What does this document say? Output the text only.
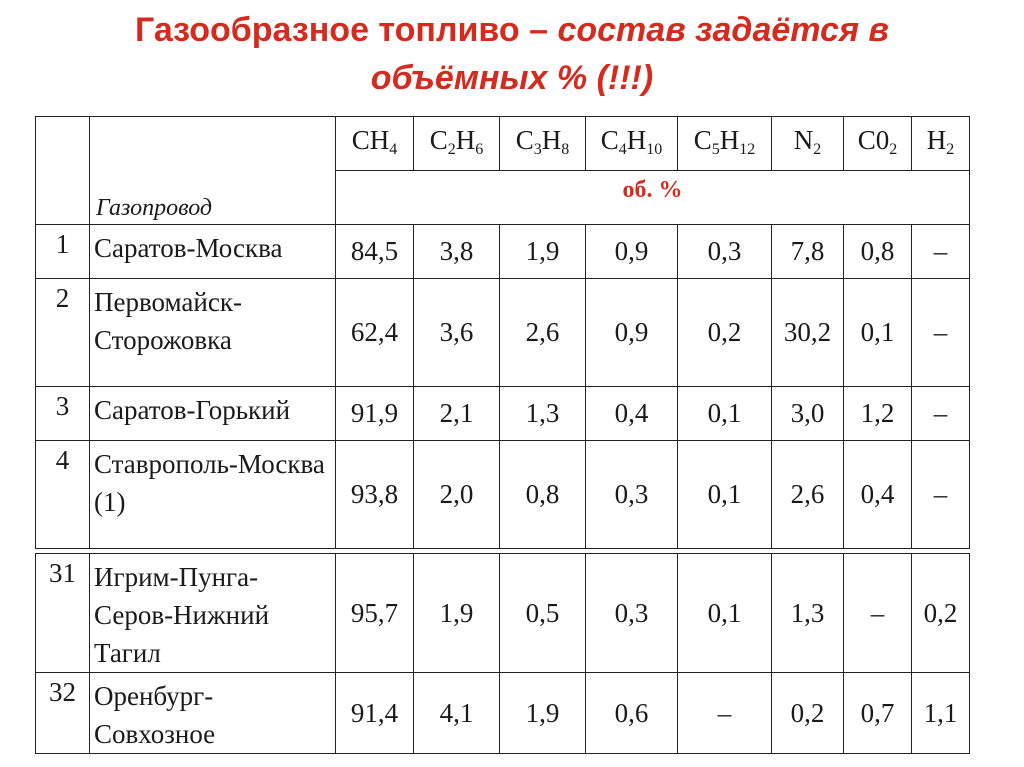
Газообразное топливо – состав задаётся в
объёмных % (!!!)
	Газопровод	$CH_4$	$C_2H_6$	$C_3H_8$	$C_4H_{10}$	$C_5H_{12}$	$N_2$	$C0_2$	$H_2$
		об. %							
1	Саратов-Москва	84,5	3,8	1,9	0,9	0,3	7,8	0,8	–
2	Первомайск-Сторожовка	62,4	3,6	2,6	0,9	0,2	30,2	0,1	–
3	Саратов-Горький	91,9	2,1	1,3	0,4	0,1	3,0	1,2	–
4	Ставрополь-Москва (1)	93,8	2,0	0,8	0,3	0,1	2,6	0,4	–
31	Игрим-Пунга-Серов-Нижний Тагил	95,7	1,9	0,5	0,3	0,1	1,3	–	0,2
32	Оренбург-Совхозное	91,4	4,1	1,9	0,6	–	0,2	0,7	1,1
